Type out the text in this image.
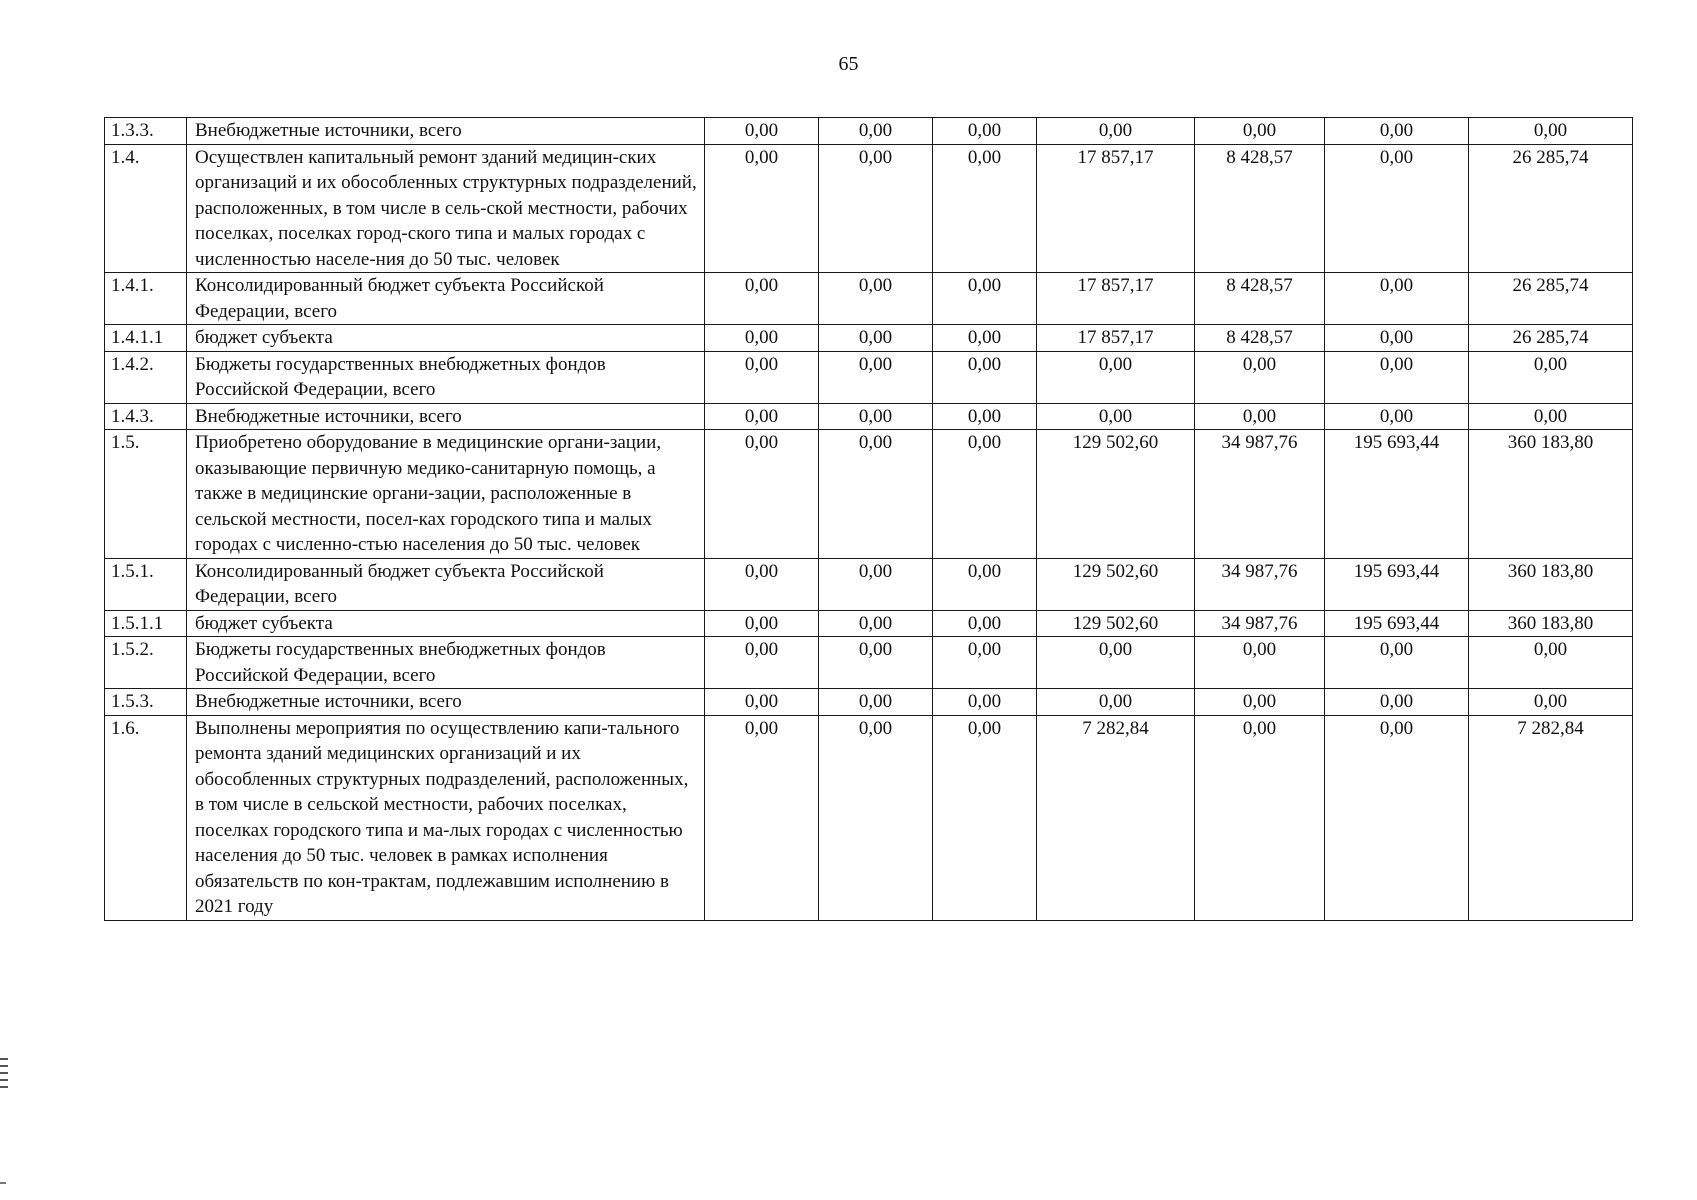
65
1.3.3.	Внебюджетные источники, всего	0,00	0,00	0,00	0,00	0,00	0,00	0,00
1.4.	Осуществлен капитальный ремонт зданий медицин-ских организаций и их обособленных структурных подразделений, расположенных, в том числе в сель-ской местности, рабочих поселках, поселках город-ского типа и малых городах с численностью населе-ния до 50 тыс. человек	0,00	0,00	0,00	17 857,17	8 428,57	0,00	26 285,74
1.4.1.	Консолидированный бюджет субъекта Российской Федерации, всего	0,00	0,00	0,00	17 857,17	8 428,57	0,00	26 285,74
1.4.1.1	бюджет субъекта	0,00	0,00	0,00	17 857,17	8 428,57	0,00	26 285,74
1.4.2.	Бюджеты государственных внебюджетных фондов Российской Федерации, всего	0,00	0,00	0,00	0,00	0,00	0,00	0,00
1.4.3.	Внебюджетные источники, всего	0,00	0,00	0,00	0,00	0,00	0,00	0,00
1.5.	Приобретено оборудование в медицинские органи-зации, оказывающие первичную медико-санитарную помощь, а также в медицинские органи-зации, расположенные в сельской местности, посел-ках городского типа и малых городах с численно-стью населения до 50 тыс. человек	0,00	0,00	0,00	129 502,60	34 987,76	195 693,44	360 183,80
1.5.1.	Консолидированный бюджет субъекта Российской Федерации, всего	0,00	0,00	0,00	129 502,60	34 987,76	195 693,44	360 183,80
1.5.1.1	бюджет субъекта	0,00	0,00	0,00	129 502,60	34 987,76	195 693,44	360 183,80
1.5.2.	Бюджеты государственных внебюджетных фондов Российской Федерации, всего	0,00	0,00	0,00	0,00	0,00	0,00	0,00
1.5.3.	Внебюджетные источники, всего	0,00	0,00	0,00	0,00	0,00	0,00	0,00
1.6.	Выполнены мероприятия по осуществлению капи-тального ремонта зданий медицинских организаций и их обособленных структурных подразделений, расположенных, в том числе в сельской местности, рабочих поселках, поселках городского типа и ма-лых городах с численностью населения до 50 тыс. человек в рамках исполнения обязательств по кон-трактам, подлежавшим исполнению в 2021 году	0,00	0,00	0,00	7 282,84	0,00	0,00	7 282,84
